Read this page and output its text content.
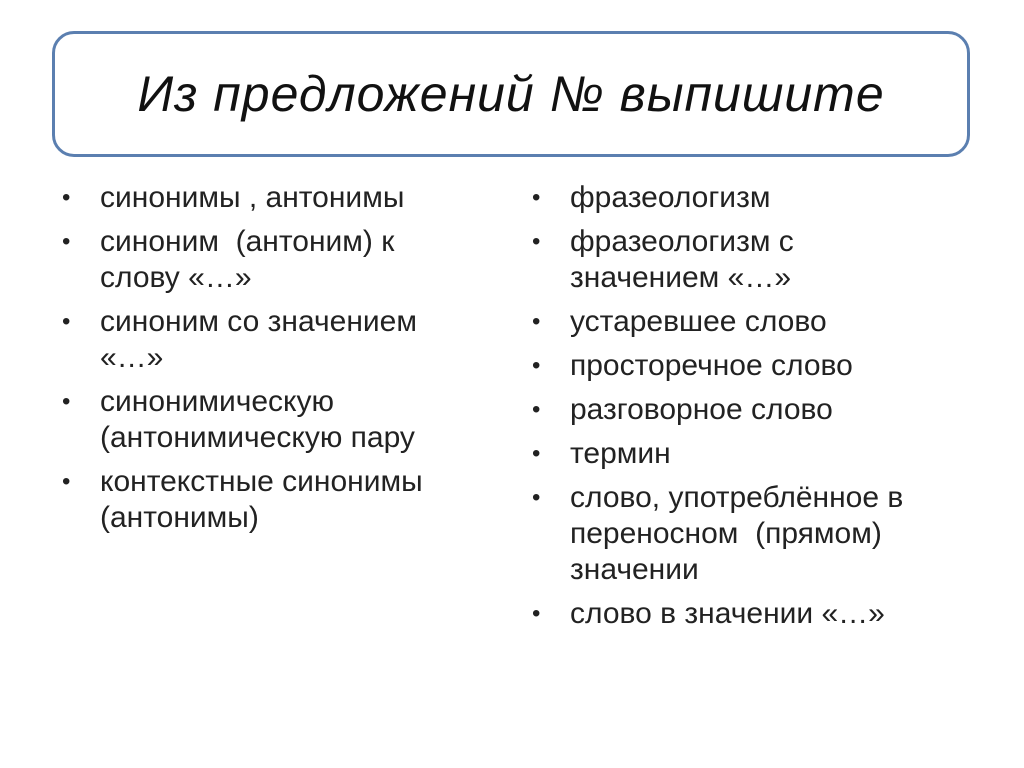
Из предложений № выпишите
• синонимы , антонимы
• синоним  (антоним) к
слову «…»
• синоним со значением
«…»
• синонимическую
(антонимическую пару
• контекстные синонимы
(антонимы)
• фразеологизм
• фразеологизм с
значением «…»
• устаревшее слово
• просторечное слово
• разговорное слово
• термин
• слово, употреблённое в
переносном  (прямом)
значении
• слово в значении «…»
